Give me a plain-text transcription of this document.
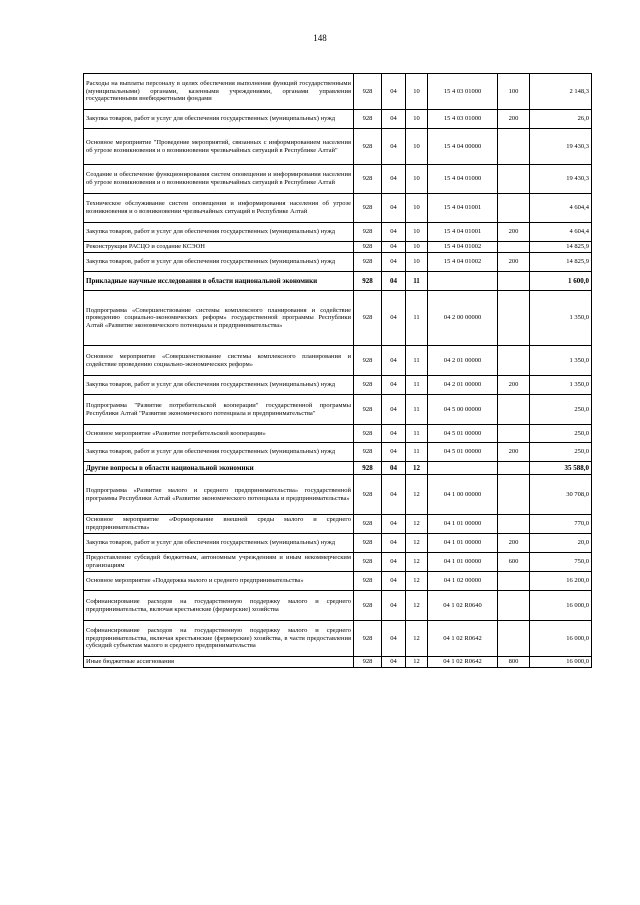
148
Расходы на выплаты персоналу в целях обеспечения выполнения функций государственными (муниципальными) органами, казенными учреждениями, органами управления государственными внебюджетными фондами	928	04	10	15 4 03 01000	100	2 148,3
Закупка товаров, работ и услуг для обеспечения государственных (муниципальных) нужд	928	04	10	15 4 03 01000	200	26,0
Основное мероприятие "Проведение мероприятий, связанных с информированием населения об угрозе возникновения и о возникновении чрезвычайных ситуаций в Республике Алтай"	928	04	10	15 4 04 00000		19 430,3
Создание и обеспечение функционирования систем оповещения и информирования населения об угрозе возникновения и о возникновении чрезвычайных ситуаций в Республике Алтай	928	04	10	15 4 04 01000		19 430,3
Техническое обслуживание систем оповещения и информирования населения об угрозе возникновения и о возникновении чрезвычайных ситуаций в Республике Алтай	928	04	10	15 4 04 01001		4 604,4
Закупка товаров, работ и услуг для обеспечения государственных (муниципальных) нужд	928	04	10	15 4 04 01001	200	4 604,4
Реконструкция РАСЦО и создание КСЭОН	928	04	10	15 4 04 01002		14 825,9
Закупка товаров, работ и услуг для обеспечения государственных (муниципальных) нужд	928	04	10	15 4 04 01002	200	14 825,9
Прикладные научные исследования в области национальной экономики	928	04	11			1 600,0
Подпрограмма «Совершенствование системы комплексного планирования и содействие проведению социально-экономических реформ» государственной программы Республики Алтай «Развитие экономического потенциала и предпринимательства»	928	04	11	04 2 00 00000		1 350,0
Основное мероприятие «Совершенствование системы комплексного планирования и содействие проведению социально-экономических реформ»	928	04	11	04 2 01 00000		1 350,0
Закупка товаров, работ и услуг для обеспечения государственных (муниципальных) нужд	928	04	11	04 2 01 00000	200	1 350,0
Подпрограмма "Развитие потребительской кооперации" государственной программы Республики Алтай "Развитие экономического потенциала и предпринимательства"	928	04	11	04 5 00 00000		250,0
Основное мероприятие «Развитие потребительской кооперации»	928	04	11	04 5 01 00000		250,0
Закупка товаров, работ и услуг для обеспечения государственных (муниципальных) нужд	928	04	11	04 5 01 00000	200	250,0
Другие вопросы в области национальной экономики	928	04	12			35 588,0
Подпрограмма «Развитие малого и среднего предпринимательства» государственной программы Республики Алтай «Развитие экономического потенциала и предпринимательства»	928	04	12	04 1 00 00000		30 708,0
Основное мероприятие «Формирование внешней среды малого и среднего предпринимательства»	928	04	12	04 1 01 00000		770,0
Закупка товаров, работ и услуг для обеспечения государственных (муниципальных) нужд	928	04	12	04 1 01 00000	200	20,0
Предоставление субсидий бюджетным, автономным учреждениям и иным некоммерческим организациям	928	04	12	04 1 01 00000	600	750,0
Основное мероприятие «Поддержка малого и среднего предпринимательства»	928	04	12	04 1 02 00000		16 200,0
Софинансирование расходов на государственную поддержку малого и среднего предпринимательства, включая крестьянские (фермерские) хозяйства	928	04	12	04 1 02 R0640		16 000,0
Софинансирование расходов на государственную поддержку малого и среднего предпринимательства, включая крестьянские (фермерские) хозяйства, в части предоставления субсидий субъектам малого и среднего предпринимательства	928	04	12	04 1 02 R0642		16 000,0
Иные бюджетные ассигнования	928	04	12	04 1 02 R0642	800	16 000,0
